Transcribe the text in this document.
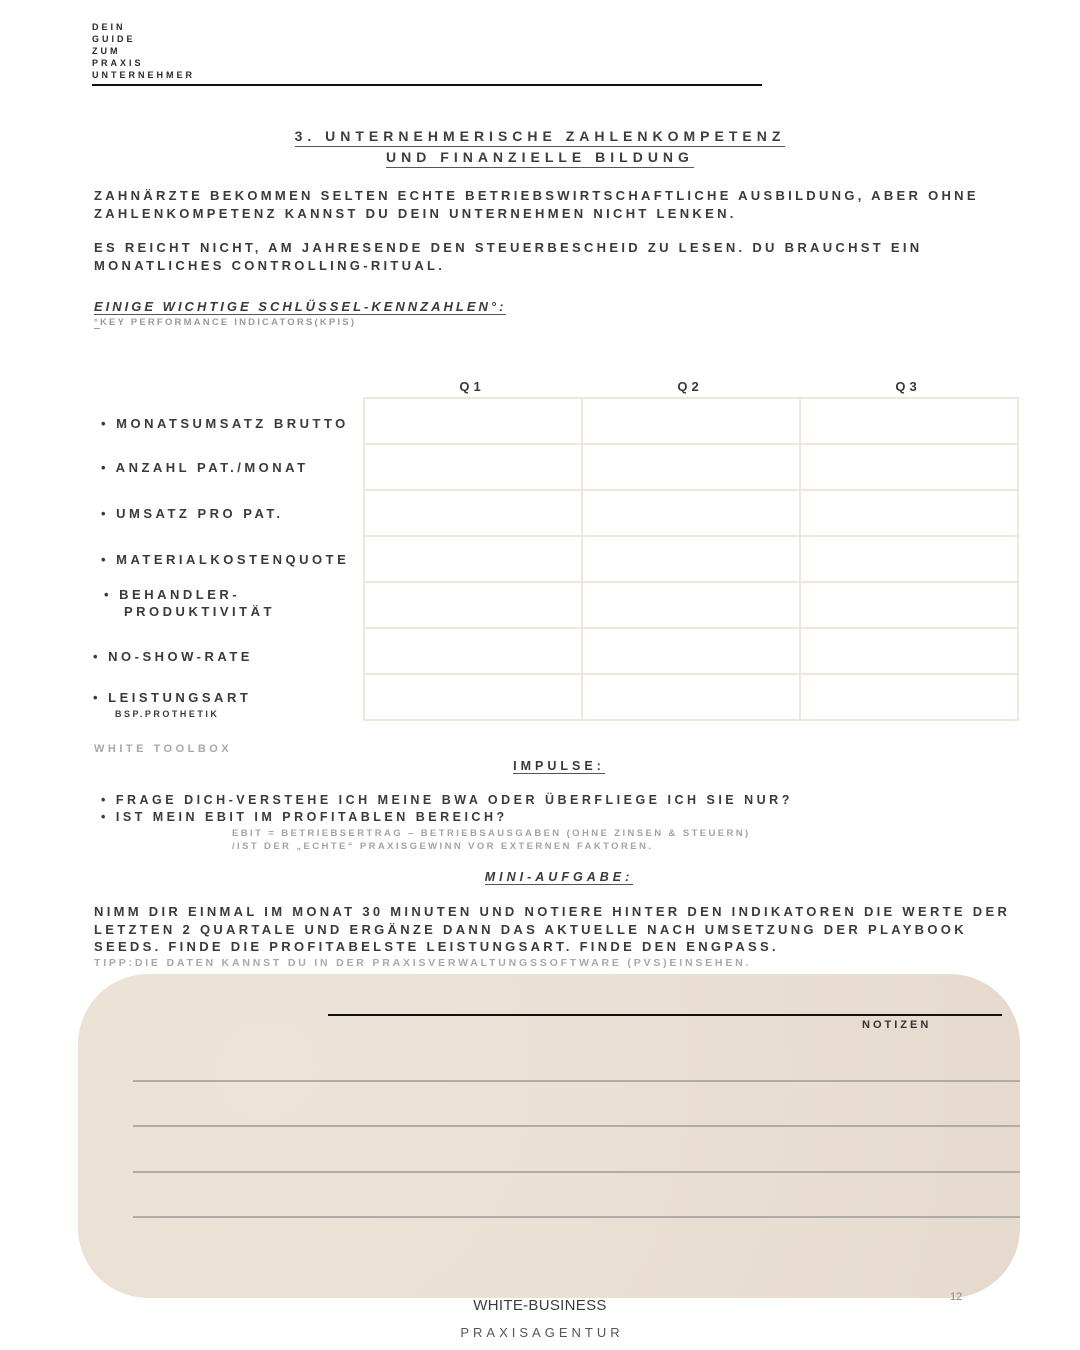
DEIN
GUIDE
ZUM
PRAXIS
UNTERNEHMER
3. UNTERNEHMERISCHE ZAHLENKOMPETENZ
UND FINANZIELLE BILDUNG
ZAHNÄRZTE BEKOMMEN SELTEN ECHTE BETRIEBSWIRTSCHAFTLICHE AUSBILDUNG, ABER OHNE ZAHLENKOMPETENZ KANNST DU DEIN UNTERNEHMEN NICHT LENKEN.
ES REICHT NICHT, AM JAHRESENDE DEN STEUERBESCHEID ZU LESEN. DU BRAUCHST EIN MONATLICHES CONTROLLING-RITUAL.
EINIGE WICHTIGE SCHLÜSSEL-KENNZAHLEN°:
°KEY PERFORMANCE INDICATORS(KPIS)
Q1	Q2	Q3
• MONATSUMSATZ BRUTTO
• ANZAHL PAT./MONAT
• UMSATZ PRO PAT.
• MATERIALKOSTENQUOTE
• BEHANDLER-
PRODUKTIVITÄT
• NO-SHOW-RATE
• LEISTUNGSART
BSP.PROTHETIK
WHITE TOOLBOX
IMPULSE:
• FRAGE DICH-VERSTEHE ICH MEINE BWA ODER ÜBERFLIEGE ICH SIE NUR?
• IST MEIN EBIT IM PROFITABLEN BEREICH?
EBIT = BETRIEBSERTRAG – BETRIEBSAUSGABEN (OHNE ZINSEN & STEUERN)
/IST DER „ECHTE“ PRAXISGEWINN VOR EXTERNEN FAKTOREN.
MINI-AUFGABE:
NIMM DIR EINMAL IM MONAT 30 MINUTEN UND NOTIERE HINTER DEN INDIKATOREN DIE WERTE DER LETZTEN 2 QUARTALE UND ERGÄNZE DANN DAS AKTUELLE NACH UMSETZUNG DER PLAYBOOK SEEDS. FINDE DIE PROFITABELSTE LEISTUNGSART. FINDE DEN ENGPASS.
TIPP:DIE DATEN KANNST DU IN DER PRAXISVERWALTUNGSSOFTWARE (PVS)EINSEHEN.
NOTIZEN
12
WHITE-BUSINESS
PRAXISAGENTUR
